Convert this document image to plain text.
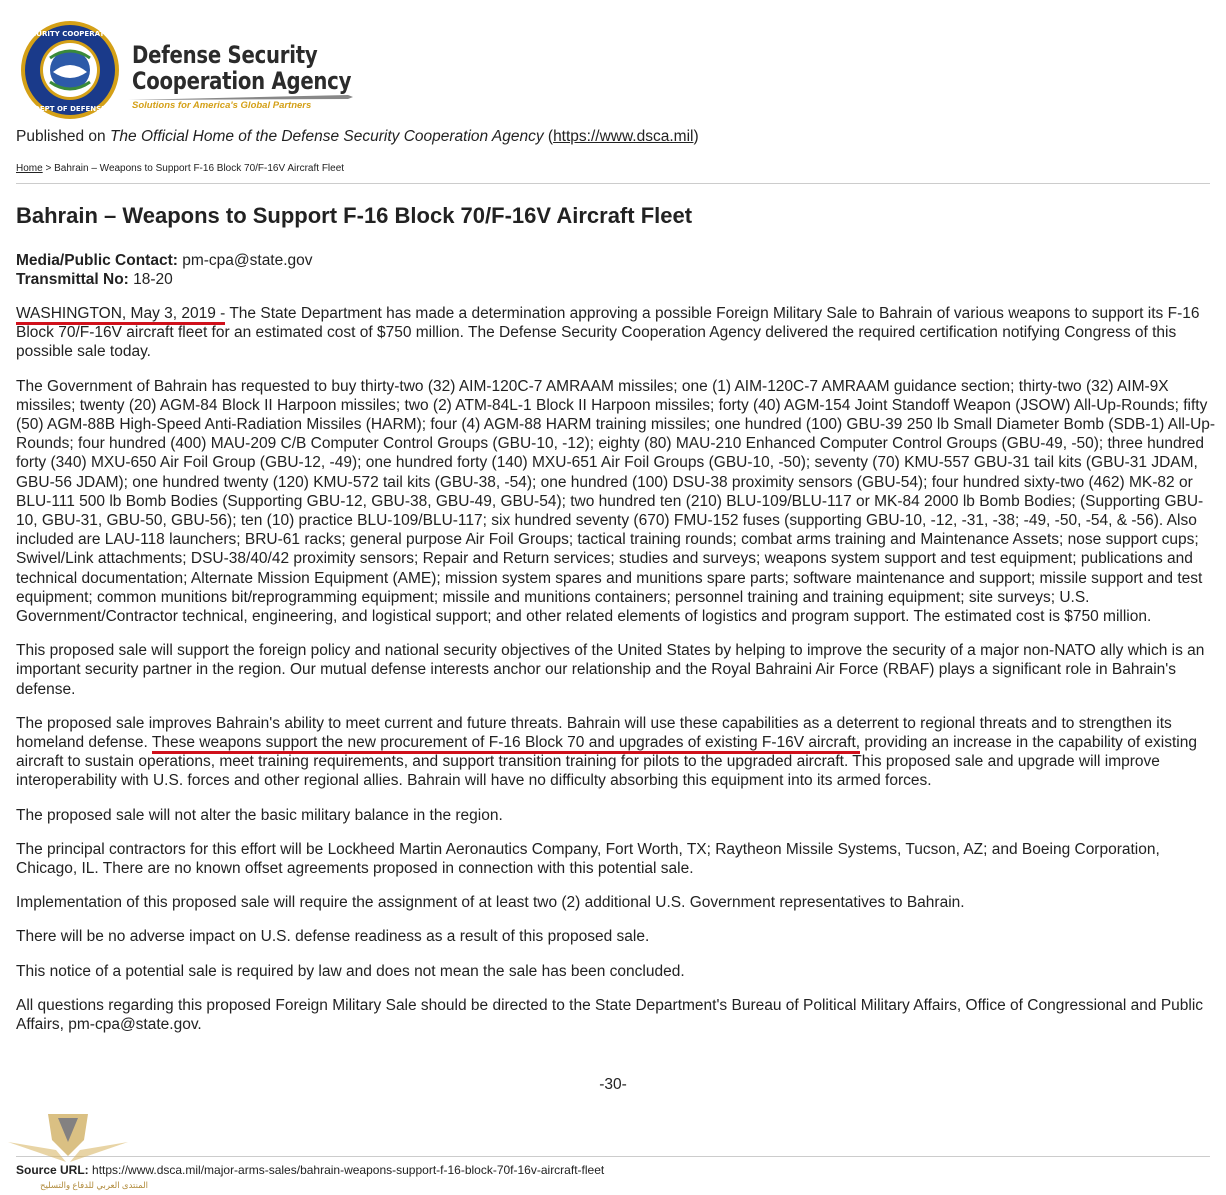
SECURITY COOPERATION
DEPT OF DEFENSE
Defense Security
Cooperation Agency
Solutions for America's Global Partners
Published on The Official Home of the Defense Security Cooperation Agency (https://www.dsca.mil)
Home > Bahrain – Weapons to Support F-16 Block 70/F-16V Aircraft Fleet
Bahrain – Weapons to Support F-16 Block 70/F-16V Aircraft Fleet
Media/Public Contact: pm-cpa@state.gov
Transmittal No: 18-20

WASHINGTON, May 3, 2019 - The State Department has made a determination approving a possible Foreign Military Sale to Bahrain of various weapons to support its F-16 Block 70/F-16V aircraft fleet for an estimated cost of $750 million. The Defense Security Cooperation Agency delivered the required certification notifying Congress of this possible sale today.

The Government of Bahrain has requested to buy thirty-two (32) AIM-120C-7 AMRAAM missiles; one (1) AIM-120C-7 AMRAAM guidance section; thirty-two (32) AIM-9X missiles; twenty (20) AGM-84 Block II Harpoon missiles; two (2) ATM-84L-1 Block II Harpoon missiles; forty (40) AGM-154 Joint Standoff Weapon (JSOW) All-Up-Rounds; fifty (50) AGM-88B High-Speed Anti-Radiation Missiles (HARM); four (4) AGM-88 HARM training missiles; one hundred (100) GBU-39 250 lb Small Diameter Bomb (SDB-1) All-Up-Rounds; four hundred (400) MAU-209 C/B Computer Control Groups (GBU-10, -12); eighty (80) MAU-210 Enhanced Computer Control Groups (GBU-49, -50); three hundred forty (340) MXU-650 Air Foil Group (GBU-12, -49); one hundred forty (140) MXU-651 Air Foil Groups (GBU-10, -50); seventy (70) KMU-557 GBU-31 tail kits (GBU-31 JDAM, GBU-56 JDAM); one hundred twenty (120) KMU-572 tail kits (GBU-38, -54); one hundred (100) DSU-38 proximity sensors (GBU-54); four hundred sixty-two (462) MK-82 or BLU-111 500 lb Bomb Bodies (Supporting GBU-12, GBU-38, GBU-49, GBU-54); two hundred ten (210) BLU-109/BLU-117 or MK-84 2000 lb Bomb Bodies; (Supporting GBU-10, GBU-31, GBU-50, GBU-56); ten (10) practice BLU-109/BLU-117; six hundred seventy (670) FMU-152 fuses (supporting GBU-10, -12, -31, -38; -49, -50, -54, & -56). Also included are LAU-118 launchers; BRU-61 racks; general purpose Air Foil Groups; tactical training rounds; combat arms training and Maintenance Assets; nose support cups; Swivel/Link attachments; DSU-38/40/42 proximity sensors; Repair and Return services; studies and surveys; weapons system support and test equipment; publications and technical documentation; Alternate Mission Equipment (AME); mission system spares and munitions spare parts; software maintenance and support; missile support and test equipment; common munitions bit/reprogramming equipment; missile and munitions containers; personnel training and training equipment; site surveys; U.S. Government/Contractor technical, engineering, and logistical support; and other related elements of logistics and program support. The estimated cost is $750 million.

This proposed sale will support the foreign policy and national security objectives of the United States by helping to improve the security of a major non-NATO ally which is an important security partner in the region. Our mutual defense interests anchor our relationship and the Royal Bahraini Air Force (RBAF) plays a significant role in Bahrain's defense.

The proposed sale improves Bahrain's ability to meet current and future threats. Bahrain will use these capabilities as a deterrent to regional threats and to strengthen its homeland defense. These weapons support the new procurement of F-16 Block 70 and upgrades of existing F-16V aircraft, providing an increase in the capability of existing aircraft to sustain operations, meet training requirements, and support transition training for pilots to the upgraded aircraft. This proposed sale and upgrade will improve interoperability with U.S. forces and other regional allies. Bahrain will have no difficulty absorbing this equipment into its armed forces.

The proposed sale will not alter the basic military balance in the region.

The principal contractors for this effort will be Lockheed Martin Aeronautics Company, Fort Worth, TX; Raytheon Missile Systems, Tucson, AZ; and Boeing Corporation, Chicago, IL. There are no known offset agreements proposed in connection with this potential sale.

Implementation of this proposed sale will require the assignment of at least two (2) additional U.S. Government representatives to Bahrain.

There will be no adverse impact on U.S. defense readiness as a result of this proposed sale.

This notice of a potential sale is required by law and does not mean the sale has been concluded.

All questions regarding this proposed Foreign Military Sale should be directed to the State Department's Bureau of Political Military Affairs, Office of Congressional and Public Affairs, pm-cpa@state.gov.

-30-
المنتدى العربي للدفاع والتسليح
Source URL: https://www.dsca.mil/major-arms-sales/bahrain-weapons-support-f-16-block-70f-16v-aircraft-fleet
